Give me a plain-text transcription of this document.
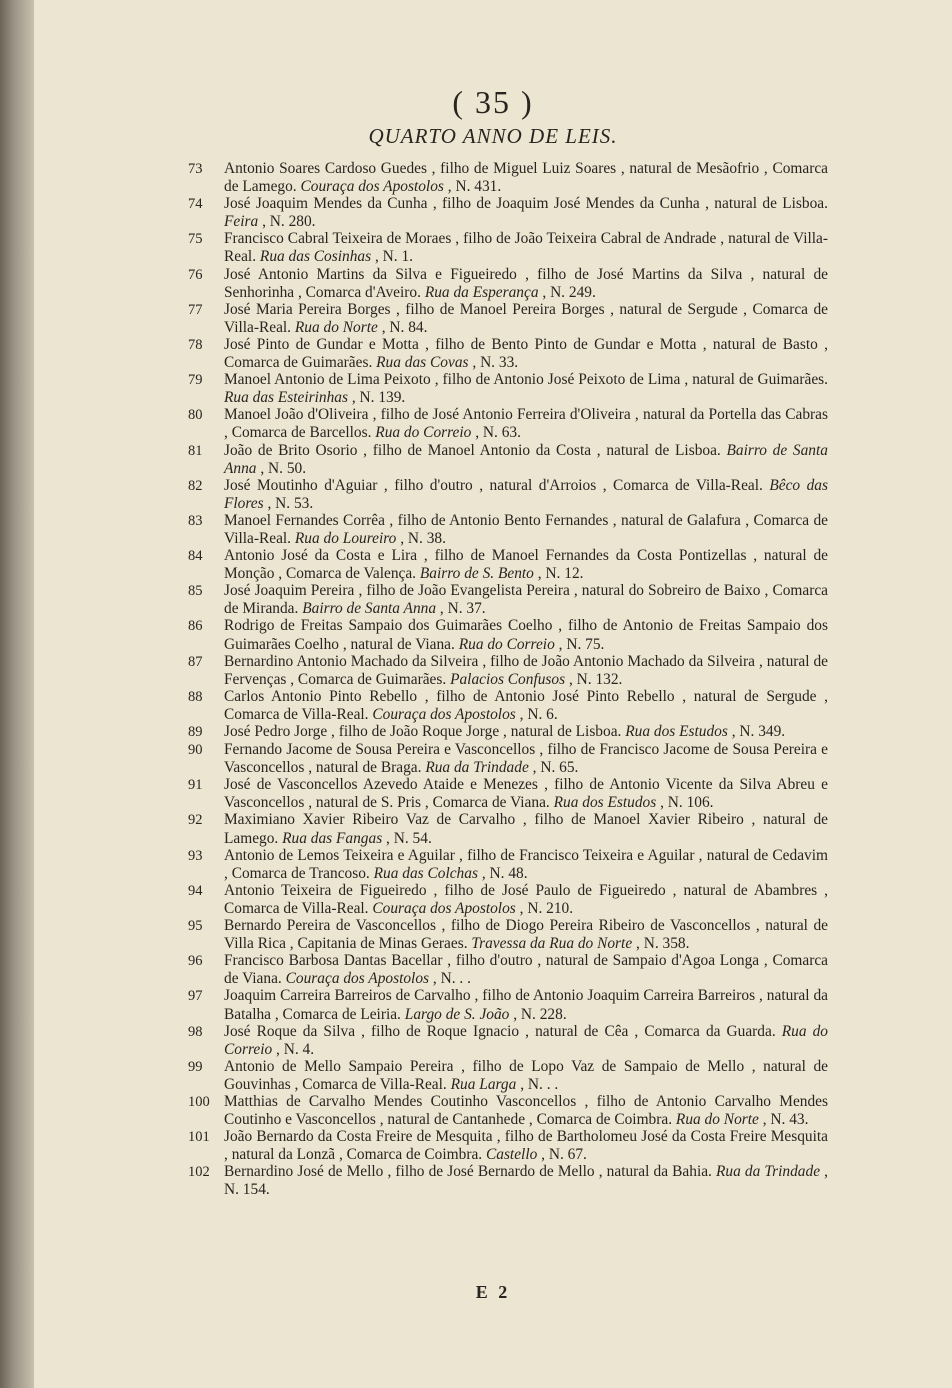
( 35 )
QUARTO ANNO DE LEIS.
73 Antonio Soares Cardoso Guedes , filho de Miguel Luiz Soares , natural de Mesãofrio , Comarca de Lamego. Couraça dos Apostolos , N. 431.
74 José Joaquim Mendes da Cunha , filho de Joaquim José Mendes da Cunha , natural de Lisboa. Feira , N. 280.
75 Francisco Cabral Teixeira de Moraes , filho de João Teixeira Cabral de Andrade , natural de Villa-Real. Rua das Cosinhas , N. 1.
76 José Antonio Martins da Silva e Figueiredo , filho de José Martins da Silva , natural de Senhorinha , Comarca d'Aveiro. Rua da Esperança , N. 249.
77 José Maria Pereira Borges , filho de Manoel Pereira Borges , natural de Sergude , Comarca de Villa-Real. Rua do Norte , N. 84.
78 José Pinto de Gundar e Motta , filho de Bento Pinto de Gundar e Motta , natural de Basto , Comarca de Guimarães. Rua das Covas , N. 33.
79 Manoel Antonio de Lima Peixoto , filho de Antonio José Peixoto de Lima , natural de Guimarães. Rua das Esteirinhas , N. 139.
80 Manoel João d'Oliveira , filho de José Antonio Ferreira d'Oliveira , natural da Portella das Cabras , Comarca de Barcellos. Rua do Correio , N. 63.
81 João de Brito Osorio , filho de Manoel Antonio da Costa , natural de Lisboa. Bairro de Santa Anna , N. 50.
82 José Moutinho d'Aguiar , filho d'outro , natural d'Arroios , Comarca de Villa-Real. Bêco das Flores , N. 53.
83 Manoel Fernandes Corrêa , filho de Antonio Bento Fernandes , natural de Galafura , Comarca de Villa-Real. Rua do Loureiro , N. 38.
84 Antonio José da Costa e Lira , filho de Manoel Fernandes da Costa Pontizellas , natural de Monção , Comarca de Valença. Bairro de S. Bento , N. 12.
85 José Joaquim Pereira , filho de João Evangelista Pereira , natural do Sobreiro de Baixo , Comarca de Miranda. Bairro de Santa Anna , N. 37.
86 Rodrigo de Freitas Sampaio dos Guimarães Coelho , filho de Antonio de Freitas Sampaio dos Guimarães Coelho , natural de Viana. Rua do Correio , N. 75.
87 Bernardino Antonio Machado da Silveira , filho de João Antonio Machado da Silveira , natural de Fervenças , Comarca de Guimarães. Palacios Confusos , N. 132.
88 Carlos Antonio Pinto Rebello , filho de Antonio José Pinto Rebello , natural de Sergude , Comarca de Villa-Real. Couraça dos Apostolos , N. 6.
89 José Pedro Jorge , filho de João Roque Jorge , natural de Lisboa. Rua dos Estudos , N. 349.
90 Fernando Jacome de Sousa Pereira e Vasconcellos , filho de Francisco Jacome de Sousa Pereira e Vasconcellos , natural de Braga. Rua da Trindade , N. 65.
91 José de Vasconcellos Azevedo Ataide e Menezes , filho de Antonio Vicente da Silva Abreu e Vasconcellos , natural de S. Pris , Comarca de Viana. Rua dos Estudos , N. 106.
92 Maximiano Xavier Ribeiro Vaz de Carvalho , filho de Manoel Xavier Ribeiro , natural de Lamego. Rua das Fangas , N. 54.
93 Antonio de Lemos Teixeira e Aguilar , filho de Francisco Teixeira e Aguilar , natural de Cedavim , Comarca de Trancoso. Rua das Colchas , N. 48.
94 Antonio Teixeira de Figueiredo , filho de José Paulo de Figueiredo , natural de Abambres , Comarca de Villa-Real. Couraça dos Apostolos , N. 210.
95 Bernardo Pereira de Vasconcellos , filho de Diogo Pereira Ribeiro de Vasconcellos , natural de Villa Rica , Capitania de Minas Geraes. Travessa da Rua do Norte , N. 358.
96 Francisco Barbosa Dantas Bacellar , filho d'outro , natural de Sampaio d'Agoa Longa , Comarca de Viana. Couraça dos Apostolos , N. . .
97 Joaquim Carreira Barreiros de Carvalho , filho de Antonio Joaquim Carreira Barreiros , natural da Batalha , Comarca de Leiria. Largo de S. João , N. 228.
98 José Roque da Silva , filho de Roque Ignacio , natural de Cêa , Comarca da Guarda. Rua do Correio , N. 4.
99 Antonio de Mello Sampaio Pereira , filho de Lopo Vaz de Sampaio de Mello , natural de Gouvinhas , Comarca de Villa-Real. Rua Larga , N. . .
100 Matthias de Carvalho Mendes Coutinho Vasconcellos , filho de Antonio Carvalho Mendes Coutinho e Vasconcellos , natural de Cantanhede , Comarca de Coimbra. Rua do Norte , N. 43.
101 João Bernardo da Costa Freire de Mesquita , filho de Bartholomeu José da Costa Freire Mesquita , natural da Lonzã , Comarca de Coimbra. Castello , N. 67.
102 Bernardino José de Mello , filho de José Bernardo de Mello , natural da Bahia. Rua da Trindade , N. 154.
E 2
